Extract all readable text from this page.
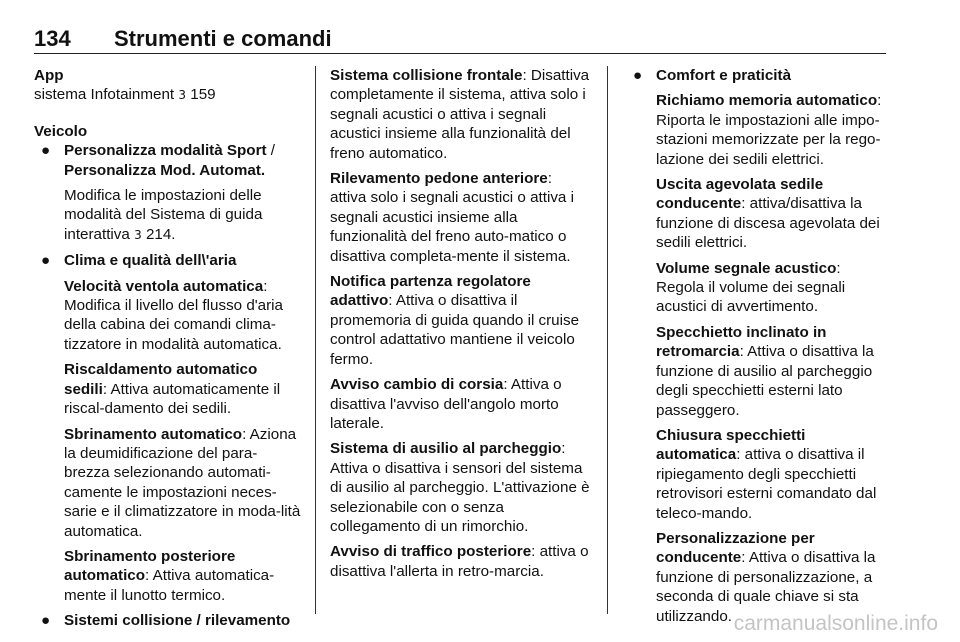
134 Strumenti e comandi

App

sistema Infotainment 3 159

Veicolo

● Personalizza modalità Sport /
Personalizza Mod. Automat.

Modifica le impostazioni delle modalità del Sistema di guida interattiva 3 214.

● Clima e qualità dell\'aria

Velocità ventola automatica: Modifica il livello del flusso d'aria della cabina dei comandi clima-tizzatore in modalità automatica.

Riscaldamento automatico sedili: Attiva automaticamente il riscal-damento dei sedili.

Sbrinamento automatico: Aziona la deumidificazione del para-brezza selezionando automati-camente le impostazioni neces-sarie e il climatizzatore in moda-lità automatica.

Sbrinamento posteriore automatico: Attiva automatica-mente il lunotto termico.

● Sistemi collisione / rilevamento

Sistema collisione frontale: Disattiva completamente il sistema, attiva solo i segnali acustici o attiva i segnali acustici insieme alla funzionalità del freno automatico.

Rilevamento pedone anteriore: attiva solo i segnali acustici o attiva i segnali acustici insieme alla funzionalità del freno auto-matico o disattiva completa-mente il sistema.

Notifica partenza regolatore adattivo: Attiva o disattiva il promemoria di guida quando il cruise control adattativo mantiene il veicolo fermo.

Avviso cambio di corsia: Attiva o disattiva l'avviso dell'angolo morto laterale.

Sistema di ausilio al parcheggio: Attiva o disattiva i sensori del sistema di ausilio al parcheggio. L'attivazione è selezionabile con o senza collegamento di un rimorchio.

Avviso di traffico posteriore: attiva o disattiva l'allerta in retro-marcia.

● Comfort e praticità

Richiamo memoria automatico: Riporta le impostazioni alle impo-stazioni memorizzate per la rego-lazione dei sedili elettrici.

Uscita agevolata sedile conducente: attiva/disattiva la funzione di discesa agevolata dei sedili elettrici.

Volume segnale acustico: Regola il volume dei segnali acustici di avvertimento.

Specchietto inclinato in retromarcia: Attiva o disattiva la funzione di ausilio al parcheggio degli specchietti esterni lato passeggero.

Chiusura specchietti automatica: attiva o disattiva il ripiegamento degli specchietti retrovisori esterni comandato dal teleco-mando.

Personalizzazione per conducente: Attiva o disattiva la funzione di personalizzazione, a seconda di quale chiave si sta utilizzando. carmanualsonline.info
